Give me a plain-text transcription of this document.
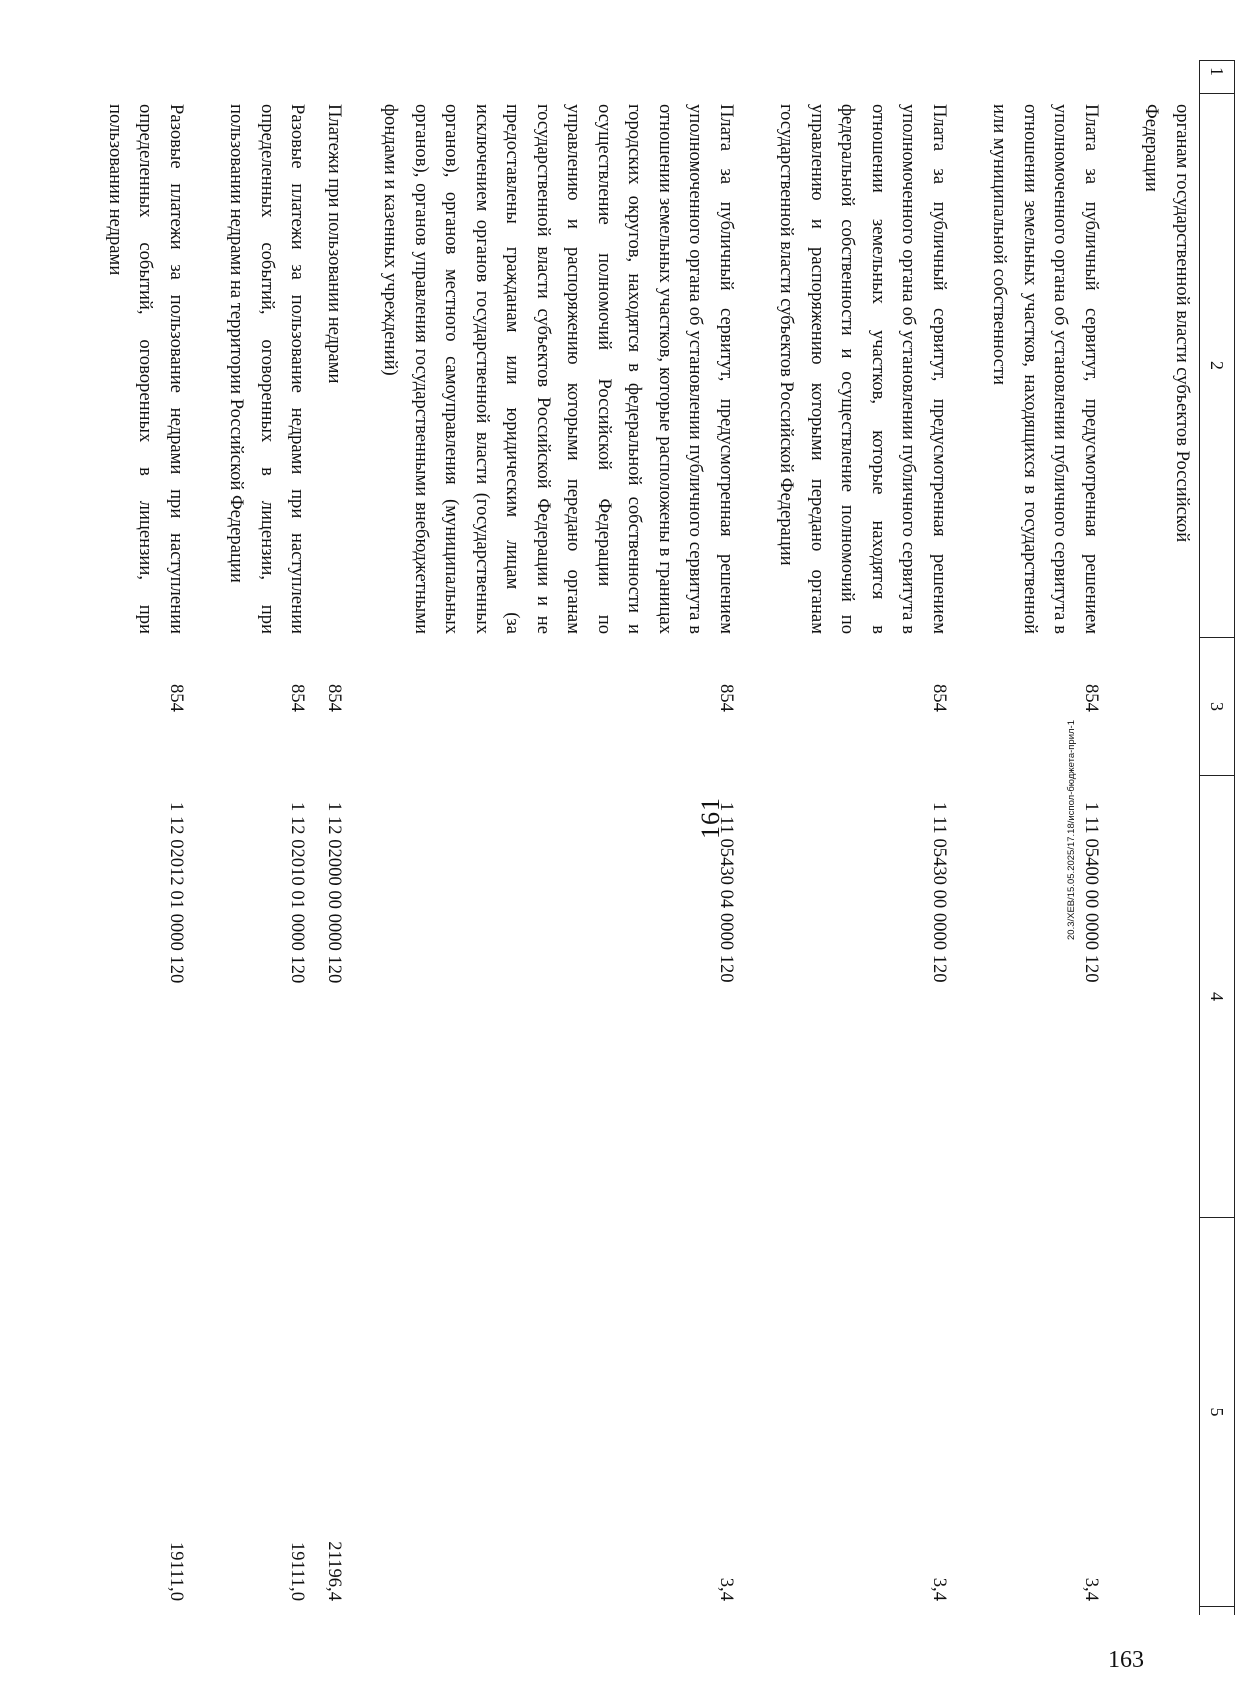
161
1
2
3
4
5
органам государственной власти субъектов Российской Федерации
Плата за публичный сервитут, предусмотренная решением уполномоченного органа об установлении публичного сервитута в отношении земельных участков, находящихся в государственной или муниципальной собственности
854
1 11 05400 00 0000 120
3,4
Плата за публичный сервитут, предусмотренная решением уполномоченного органа об установлении публичного сервитута в отношении земельных участков, которые находятся в федеральной собственности и осуществление полномочий по управлению и распоряжению которыми передано органам государственной власти субъектов Российской Федерации
854
1 11 05430 00 0000 120
3,4
Плата за публичный сервитут, предусмотренная решением уполномоченного органа об установлении публичного сервитута в отношении земельных участков, которые расположены в границах городских округов, находятся в федеральной собственности и осуществление полномочий Российской Федерации по управлению и распоряжению которыми передано органам государственной власти субъектов Российской Федерации и не предоставлены гражданам или юридическим лицам (за исключением органов государственной власти (государственных органов), органов местного самоуправления (муниципальных органов), органов управления государственными внебюджетными фондами и казенных учреждений)
854
1 11 05430 04 0000 120
3,4
Платежи при пользовании недрами
854
1 12 02000 00 0000 120
21196,4
Разовые платежи за пользование недрами при наступлении определенных событий, оговоренных в лицензии, при пользовании недрами на территории Российской Федерации
854
1 12 02010 01 0000 120
19111,0
Разовые платежи за пользование недрами при наступлении определенных событий, оговоренных в лицензии, при пользовании недрами
854
1 12 02012 01 0000 120
19111,0
20.3/XEB/15.05.2025/17.18/испол-бюджета-прил-1
163
